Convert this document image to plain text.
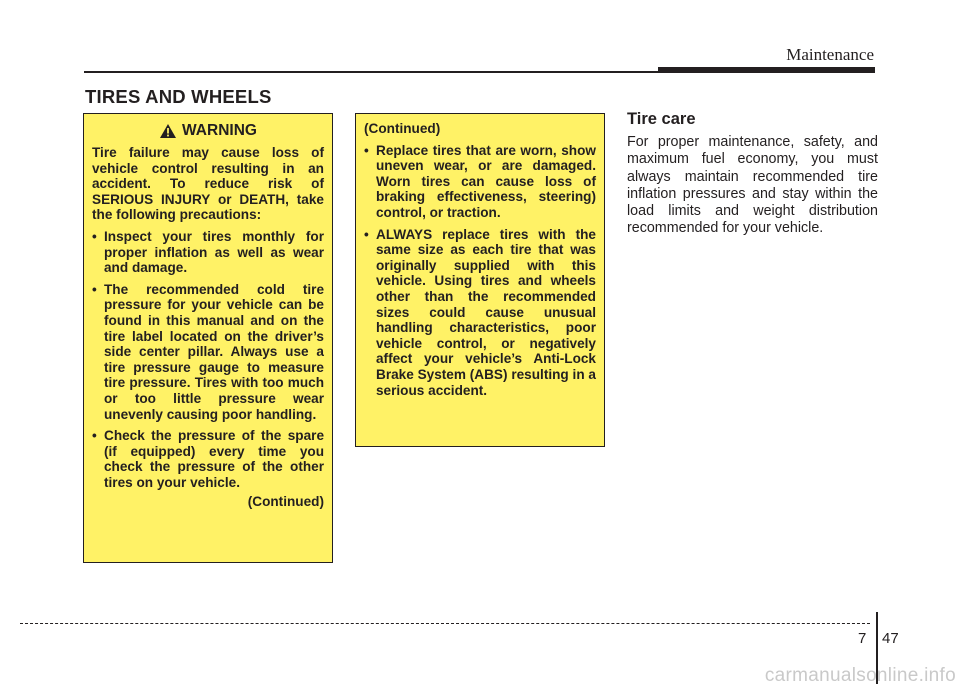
Maintenance
TIRES AND WHEELS
WARNING
Tire failure may cause loss of vehicle control resulting in an accident. To reduce risk of SERIOUS INJURY or DEATH, take the following precautions:
• Inspect your tires monthly for proper inflation as well as wear and damage.
• The recommended cold tire pressure for your vehicle can be found in this manual and on the tire label located on the driver’s side center pillar. Always use a tire pressure gauge to measure tire pressure. Tires with too much or too little pressure wear unevenly causing poor handling.
• Check the pressure of the spare (if equipped) every time you check the pressure of the other tires on your vehicle.
(Continued)
(Continued)
• Replace tires that are worn, show uneven wear, or are damaged. Worn tires can cause loss of braking effectiveness, steering) control, or traction.
• ALWAYS replace tires with the same size as each tire that was originally supplied with this vehicle. Using tires and wheels other than the recommended sizes could cause unusual handling characteristics, poor vehicle control, or negatively affect your vehicle’s Anti-Lock Brake System (ABS) resulting in a serious accident.
Tire care
For proper maintenance, safety, and maximum fuel economy, you must always maintain recommended tire inflation pressures and stay within the load limits and weight distribution recommended for your vehicle.
7 47
carmanualsonline.info
